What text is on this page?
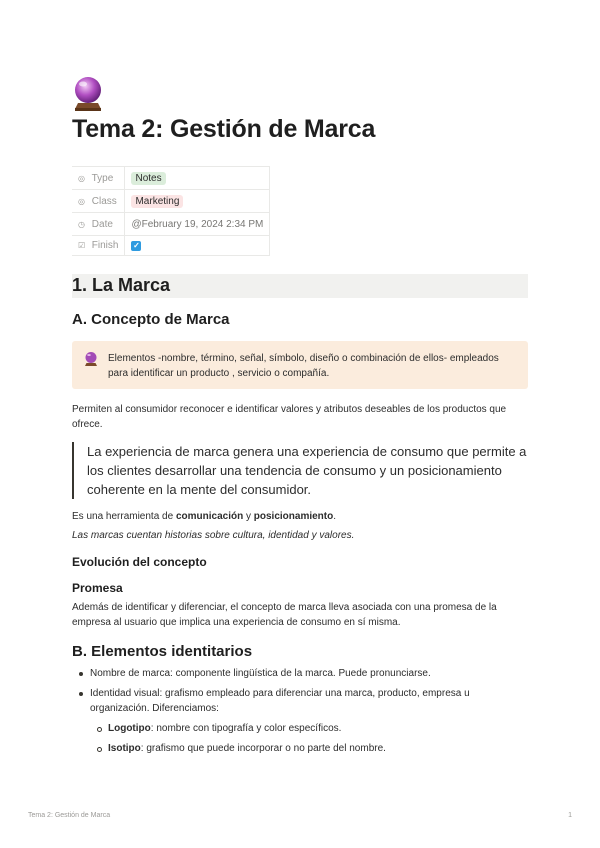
Tema 2: Gestión de Marca
◎ Type	Notes
◎ Class	Marketing
◷ Date	@February 19, 2024 2:34 PM
☑ Finish	✓
1. La Marca
A. Concepto de Marca
Elementos -nombre, término, señal, símbolo, diseño o combinación de ellos- empleados para identificar un producto , servicio o compañía.

Permiten al consumidor reconocer e identificar valores y atributos deseables de los productos que ofrece.

La experiencia de marca genera una experiencia de consumo que permite a los clientes desarrollar una tendencia de consumo y un posicionamiento coherente en la mente del consumidor.

Es una herramienta de comunicación y posicionamiento.

Las marcas cuentan historias sobre cultura, identidad y valores.

Evolución del concepto
Promesa

Además de identificar y diferenciar, el concepto de marca lleva asociada con una promesa de la empresa al usuario que implica una experiencia de consumo en sí misma.

B. Elementos identitarios
Nombre de marca: componente lingüística de la marca. Puede pronunciarse.
Identidad visual: grafismo empleado para diferenciar una marca, producto, empresa u organización. Diferenciamos:
Logotipo: nombre con tipografía y color específicos.
Isotipo: grafismo que puede incorporar o no parte del nombre.
Tema 2: Gestión de Marca	1
